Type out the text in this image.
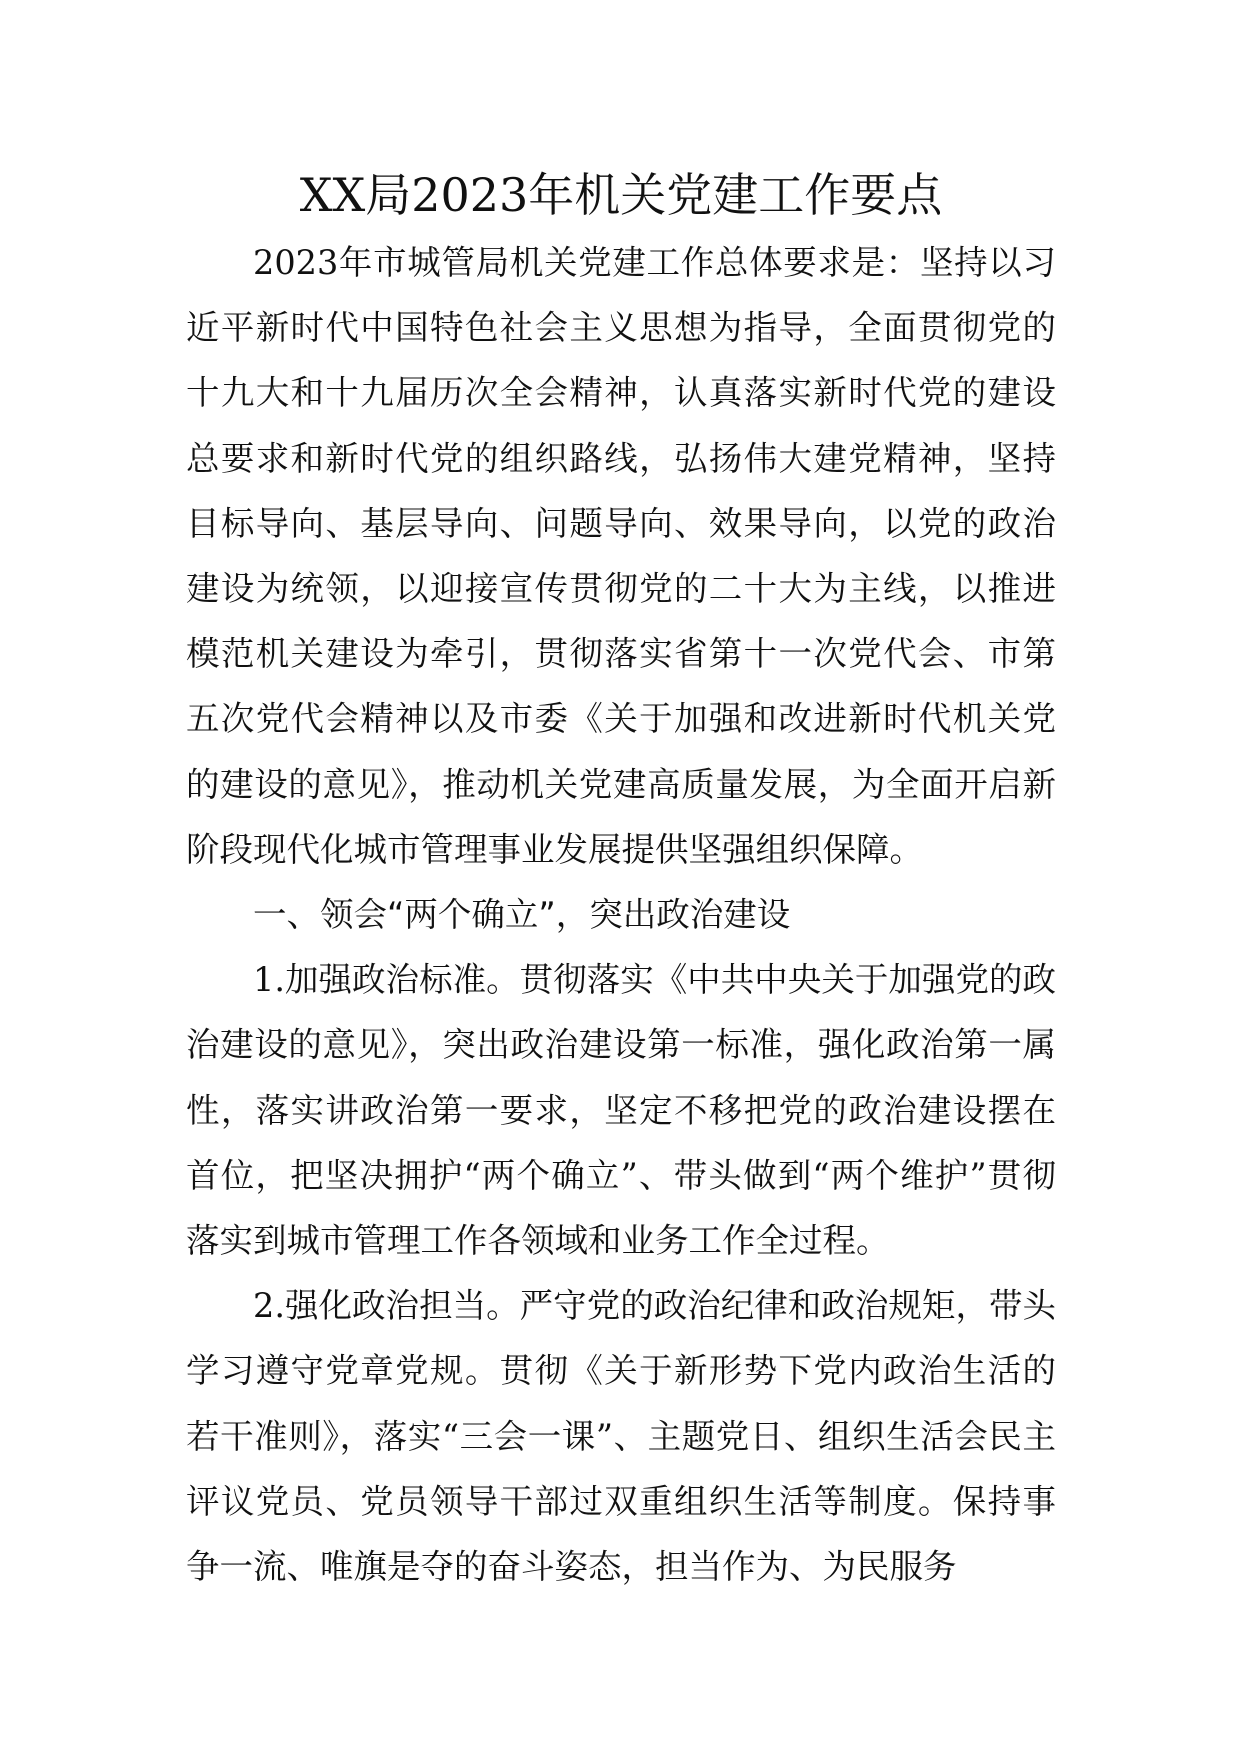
XX局2023年机关党建工作要点

2023年市城管局机关党建工作总体要求是：坚持以习近平新时代中国特色社会主义思想为指导，全面贯彻党的十九大和十九届历次全会精神，认真落实新时代党的建设总要求和新时代党的组织路线，弘扬伟大建党精神，坚持目标导向、基层导向、问题导向、效果导向，以党的政治建设为统领，以迎接宣传贯彻党的二十大为主线，以推进模范机关建设为牵引，贯彻落实省第十一次党代会、市第五次党代会精神以及市委《关于加强和改进新时代机关党的建设的意见》，推动机关党建高质量发展，为全面开启新阶段现代化城市管理事业发展提供坚强组织保障。

一、领会“两个确立”，突出政治建设

1.加强政治标准。贯彻落实《中共中央关于加强党的政治建设的意见》，突出政治建设第一标准，强化政治第一属性，落实讲政治第一要求，坚定不移把党的政治建设摆在首位，把坚决拥护“两个确立”、带头做到“两个维护”贯彻落实到城市管理工作各领域和业务工作全过程。

2.强化政治担当。严守党的政治纪律和政治规矩，带头学习遵守党章党规。贯彻《关于新形势下党内政治生活的若干准则》，落实“三会一课”、主题党日、组织生活会民主评议党员、党员领导干部过双重组织生活等制度。保持事争一流、唯旗是夺的奋斗姿态，担当作为、为民服务
